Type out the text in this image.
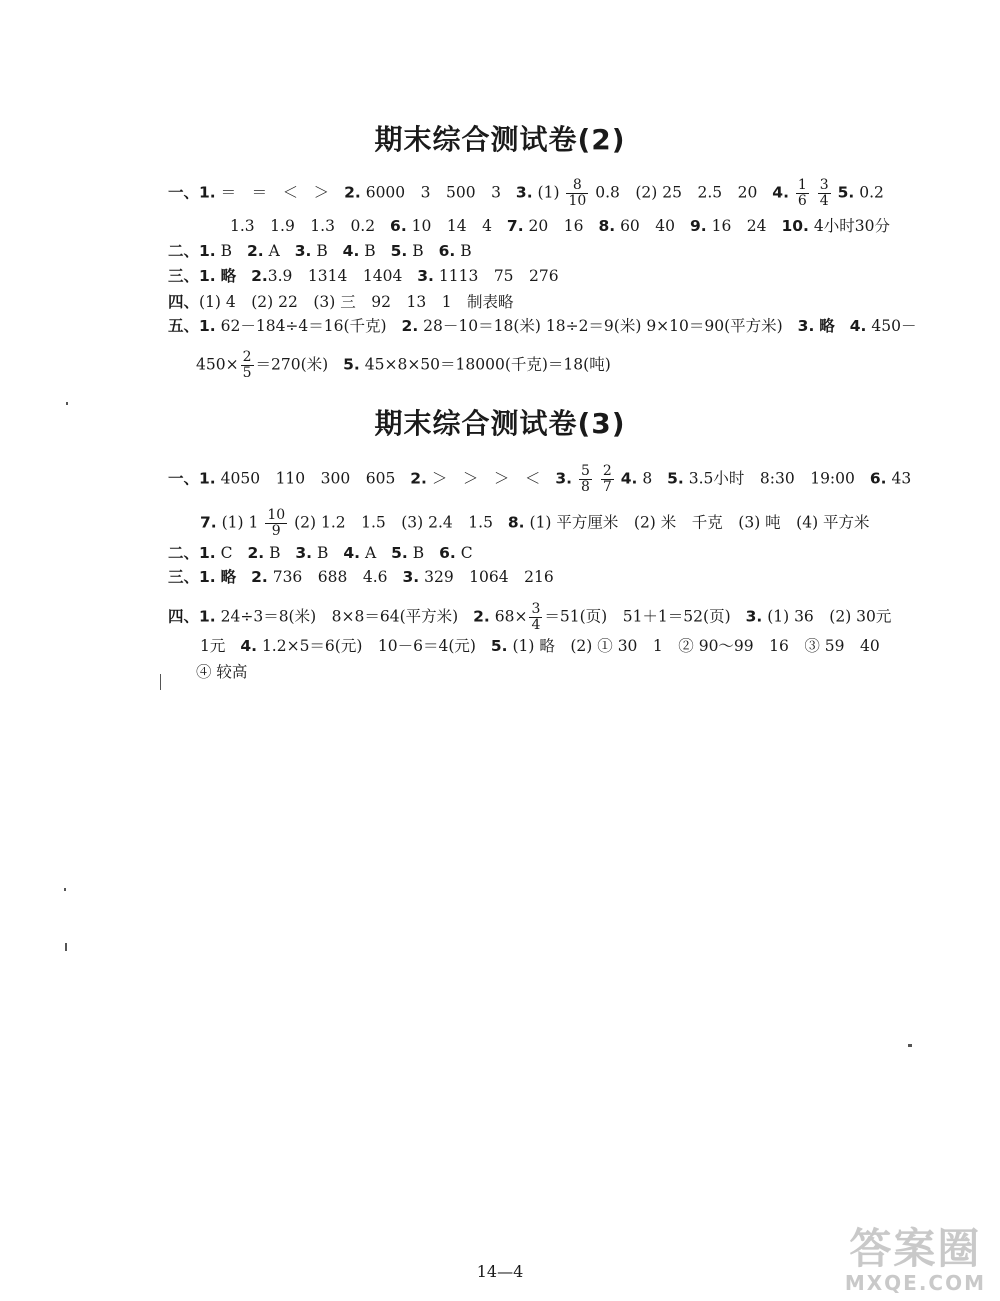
期末综合测试卷(2)
一、1. ＝　＝　＜　＞ 2. 6000　3　500　3 3. $(1) \frac{8}{10} 0.8$　(2) 25　2.5　20 4. $\frac{1}{6}$
$\frac{3}{4} 5$. 0.2
1.3　1.9　1.3　0.2 6. 10　14　4 7. 20　16 8. 60　40 9. 16　24 10. 4小时30分
二、1. B 2. A 3. B 4. B 5. B 6. B
三、1. 略 2.3.9　1314　1404 3. 1113　75　276
四、(1) 4　(2) 22　(3) 三　92　13　1　制表略
五、1. 62－184÷4＝16(千克) 2. 28－10＝18(米) 18÷2＝9(米) 9×10＝90(平方米) 3. 略 4. 450－
$450\times \frac{2}{5} =270$(米) 5. 45×8×50＝18000(千克)＝18(吨)
期末综合测试卷(3)
一、1. 4050　110　300　605 2. ＞　＞　＞　＜ 3. $\frac{5}{8}$
$\frac{2}{7} 4$. 8 5. 3.5小时　8:30　19:00 6. 43
7. (1) $1 \frac{10}{9} (2)$ 1.2　1.5　(3) 2.4　1.5 8. (1) 平方厘米　(2) 米　千克　(3) 吨　(4) 平方米
二、1. C 2. B 3. B 4. A 5. B 6. C
三、1. 略 2. 736　688　4.6 3. 329　1064　216
四、1. 24÷3＝8(米)　8×8＝64(平方米) 2. $68\times \frac{3}{4} =51$(页)　51＋1＝52(页) 3. (1) 36　(2) 30元
1元 4. 1.2×5＝6(元)　10－6＝4(元) 5. (1) 略　(2) ① 30　1　② 90～99　16　③ 59　40
④ 较高
14—4	答案圈
MXQE.COM
